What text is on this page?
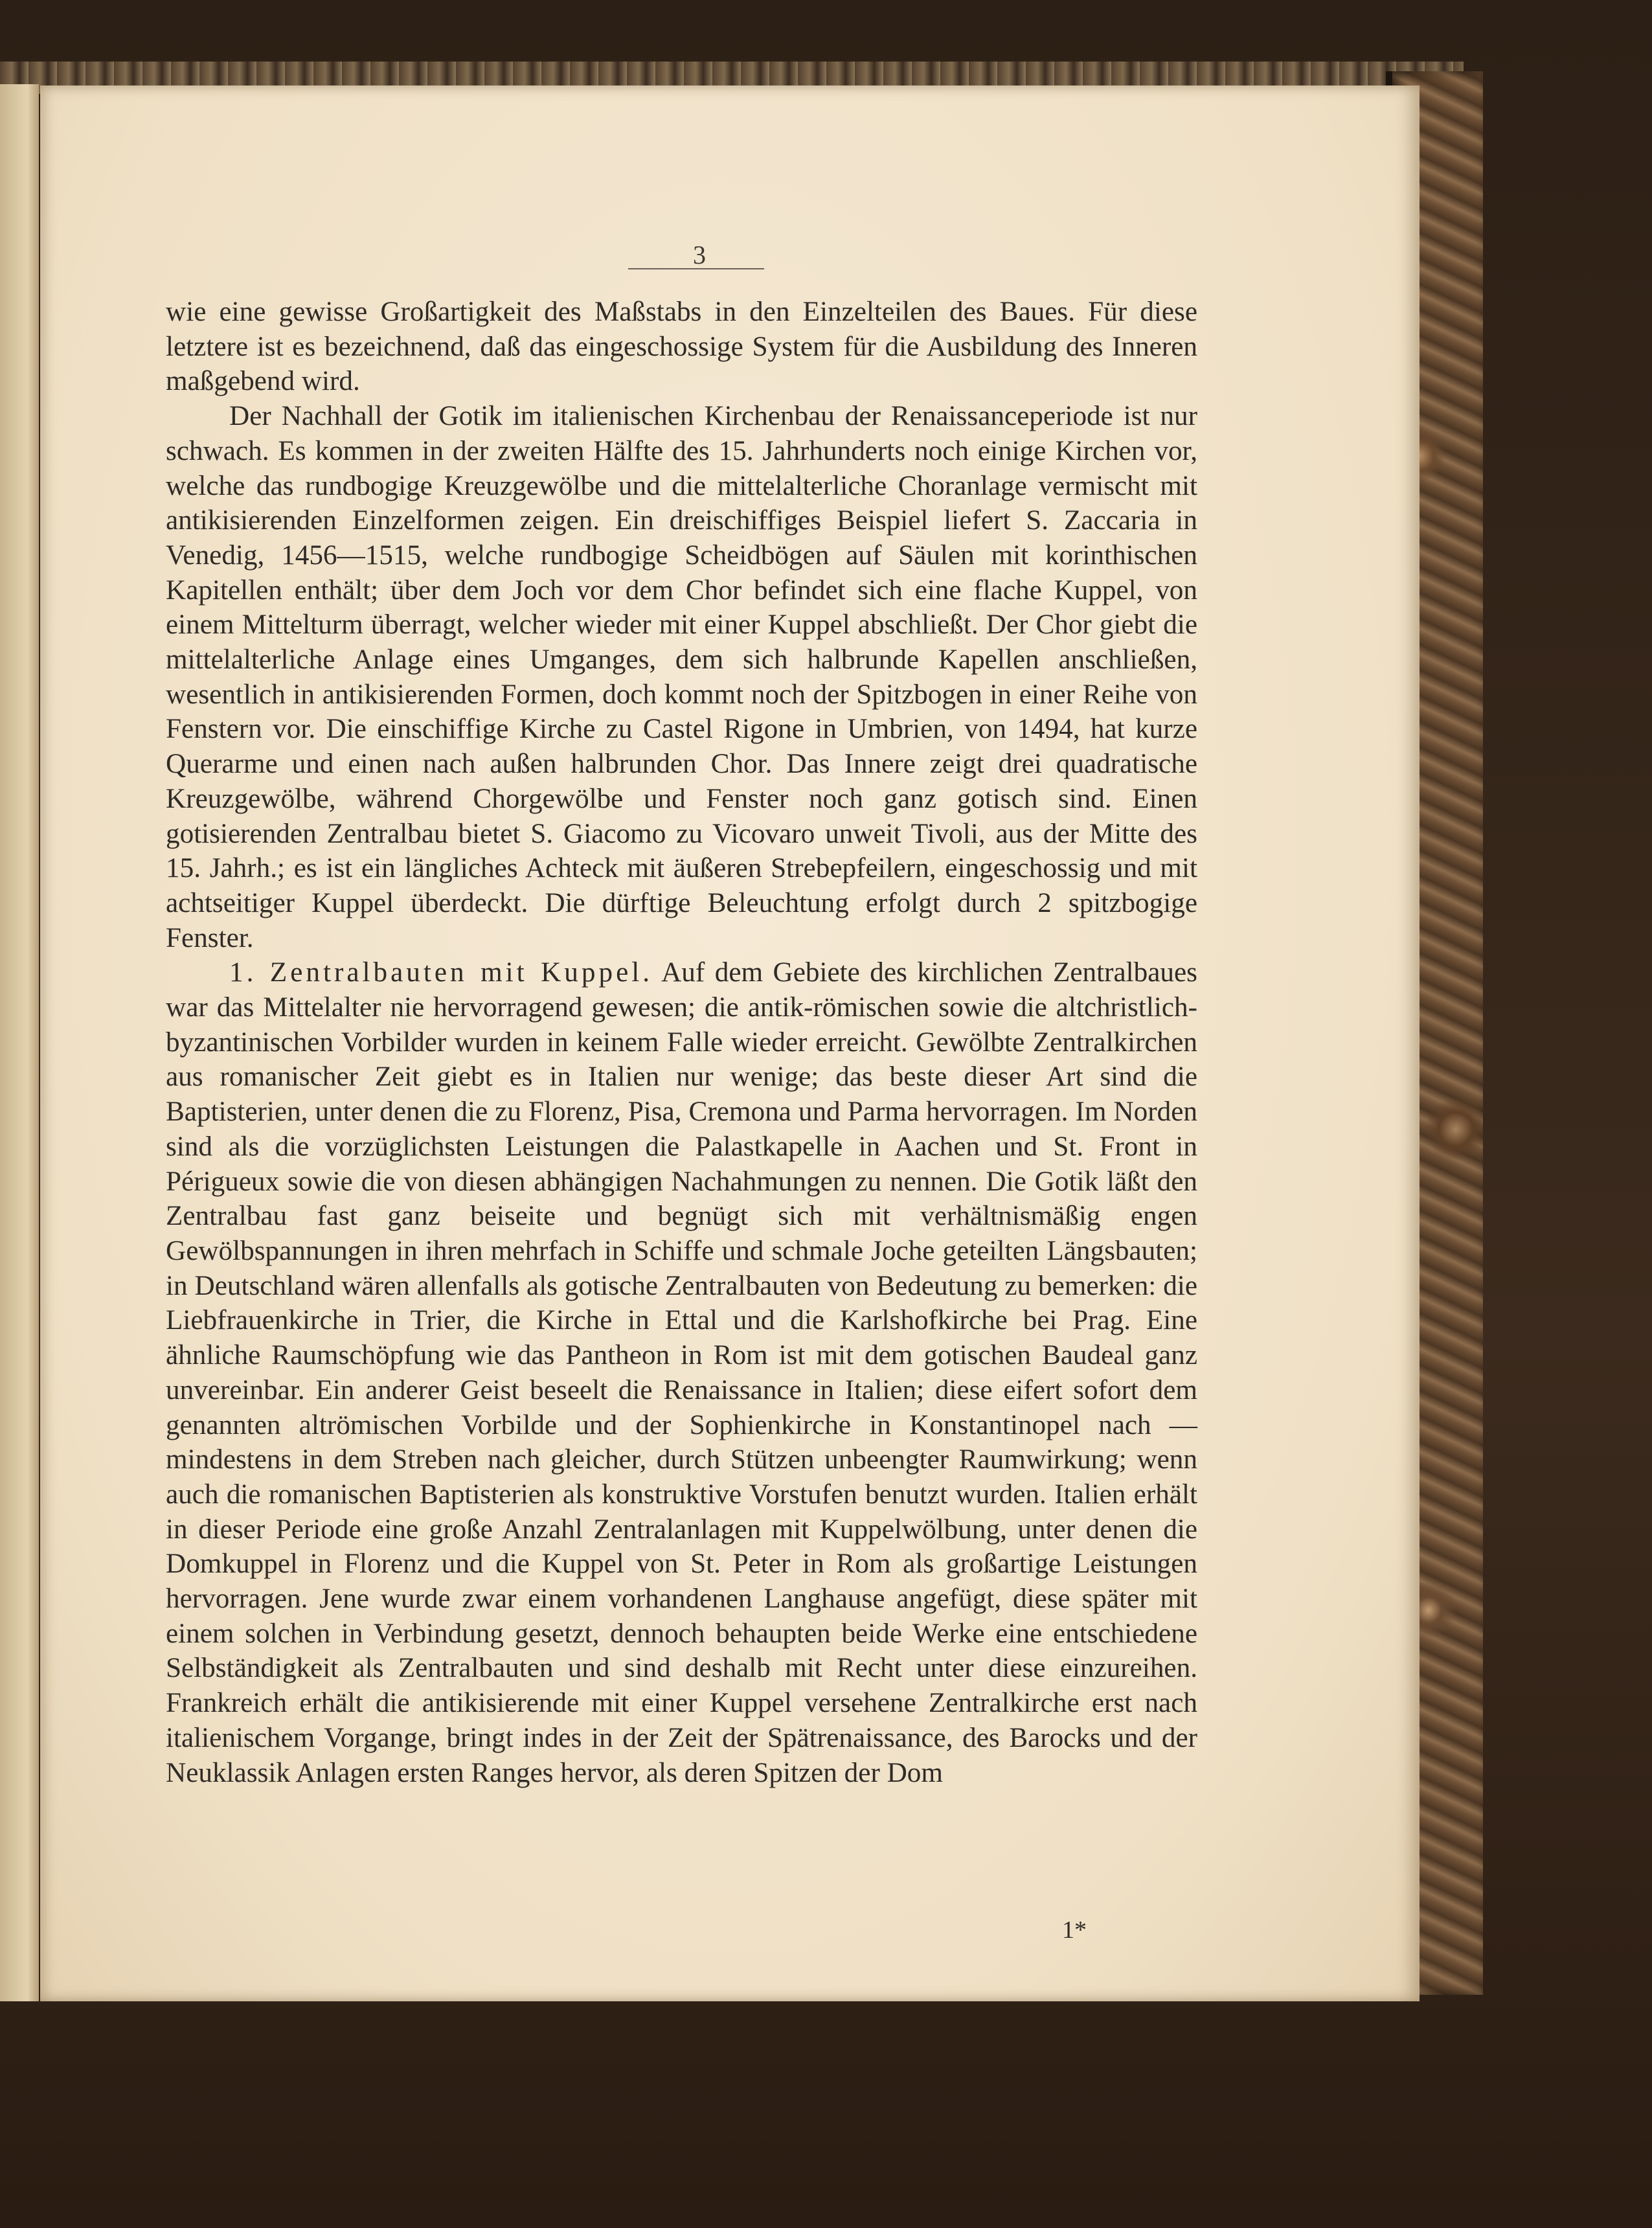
3

wie eine gewisse Großartigkeit des Maßstabs in den Einzelteilen des Baues. Für diese letztere ist es bezeichnend, daß das eingeschossige System für die Ausbildung des Inneren maßgebend wird.

Der Nachhall der Gotik im italienischen Kirchenbau der Renaissanceperiode ist nur schwach. Es kommen in der zweiten Hälfte des 15. Jahrhunderts noch einige Kirchen vor, welche das rundbogige Kreuzgewölbe und die mittelalterliche Choranlage vermischt mit antikisierenden Einzelformen zeigen. Ein dreischiffiges Beispiel liefert S. Zaccaria in Venedig, 1456—1515, welche rundbogige Scheidbögen auf Säulen mit korinthischen Kapitellen enthält; über dem Joch vor dem Chor befindet sich eine flache Kuppel, von einem Mittelturm überragt, welcher wieder mit einer Kuppel abschließt. Der Chor giebt die mittelalterliche Anlage eines Umganges, dem sich halbrunde Kapellen anschließen, wesentlich in antikisierenden Formen, doch kommt noch der Spitzbogen in einer Reihe von Fenstern vor. Die einschiffige Kirche zu Castel Rigone in Umbrien, von 1494, hat kurze Querarme und einen nach außen halbrunden Chor. Das Innere zeigt drei quadratische Kreuzgewölbe, während Chorgewölbe und Fenster noch ganz gotisch sind. Einen gotisierenden Zentralbau bietet S. Giacomo zu Vicovaro unweit Tivoli, aus der Mitte des 15. Jahrh.; es ist ein längliches Achteck mit äußeren Strebepfeilern, eingeschossig und mit achtseitiger Kuppel überdeckt. Die dürftige Beleuchtung erfolgt durch 2 spitzbogige Fenster.

1. Zentralbauten mit Kuppel. Auf dem Gebiete des kirchlichen Zentralbaues war das Mittelalter nie hervorragend gewesen; die antik-römischen sowie die altchristlich-byzantinischen Vorbilder wurden in keinem Falle wieder erreicht. Gewölbte Zentralkirchen aus romanischer Zeit giebt es in Italien nur wenige; das beste dieser Art sind die Baptisterien, unter denen die zu Florenz, Pisa, Cremona und Parma hervorragen. Im Norden sind als die vorzüglichsten Leistungen die Palastkapelle in Aachen und St. Front in Périgueux sowie die von diesen abhängigen Nachahmungen zu nennen. Die Gotik läßt den Zentralbau fast ganz beiseite und begnügt sich mit verhältnismäßig engen Gewölbspannungen in ihren mehrfach in Schiffe und schmale Joche geteilten Längsbauten; in Deutschland wären allenfalls als gotische Zentralbauten von Bedeutung zu bemerken: die Liebfrauenkirche in Trier, die Kirche in Ettal und die Karlshofkirche bei Prag. Eine ähnliche Raumschöpfung wie das Pantheon in Rom ist mit dem gotischen Baudeal ganz unvereinbar. Ein anderer Geist beseelt die Renaissance in Italien; diese eifert sofort dem genannten altrömischen Vorbilde und der Sophienkirche in Konstantinopel nach — mindestens in dem Streben nach gleicher, durch Stützen unbeengter Raumwirkung; wenn auch die romanischen Baptisterien als konstruktive Vorstufen benutzt wurden. Italien erhält in dieser Periode eine große Anzahl Zentralanlagen mit Kuppelwölbung, unter denen die Domkuppel in Florenz und die Kuppel von St. Peter in Rom als großartige Leistungen hervorragen. Jene wurde zwar einem vorhandenen Langhause angefügt, diese später mit einem solchen in Verbindung gesetzt, dennoch behaupten beide Werke eine entschiedene Selbständigkeit als Zentralbauten und sind deshalb mit Recht unter diese einzureihen. Frankreich erhält die antikisierende mit einer Kuppel versehene Zentralkirche erst nach italienischem Vorgange, bringt indes in der Zeit der Spätrenaissance, des Barocks und der Neuklassik Anlagen ersten Ranges hervor, als deren Spitzen der Dom

1*
